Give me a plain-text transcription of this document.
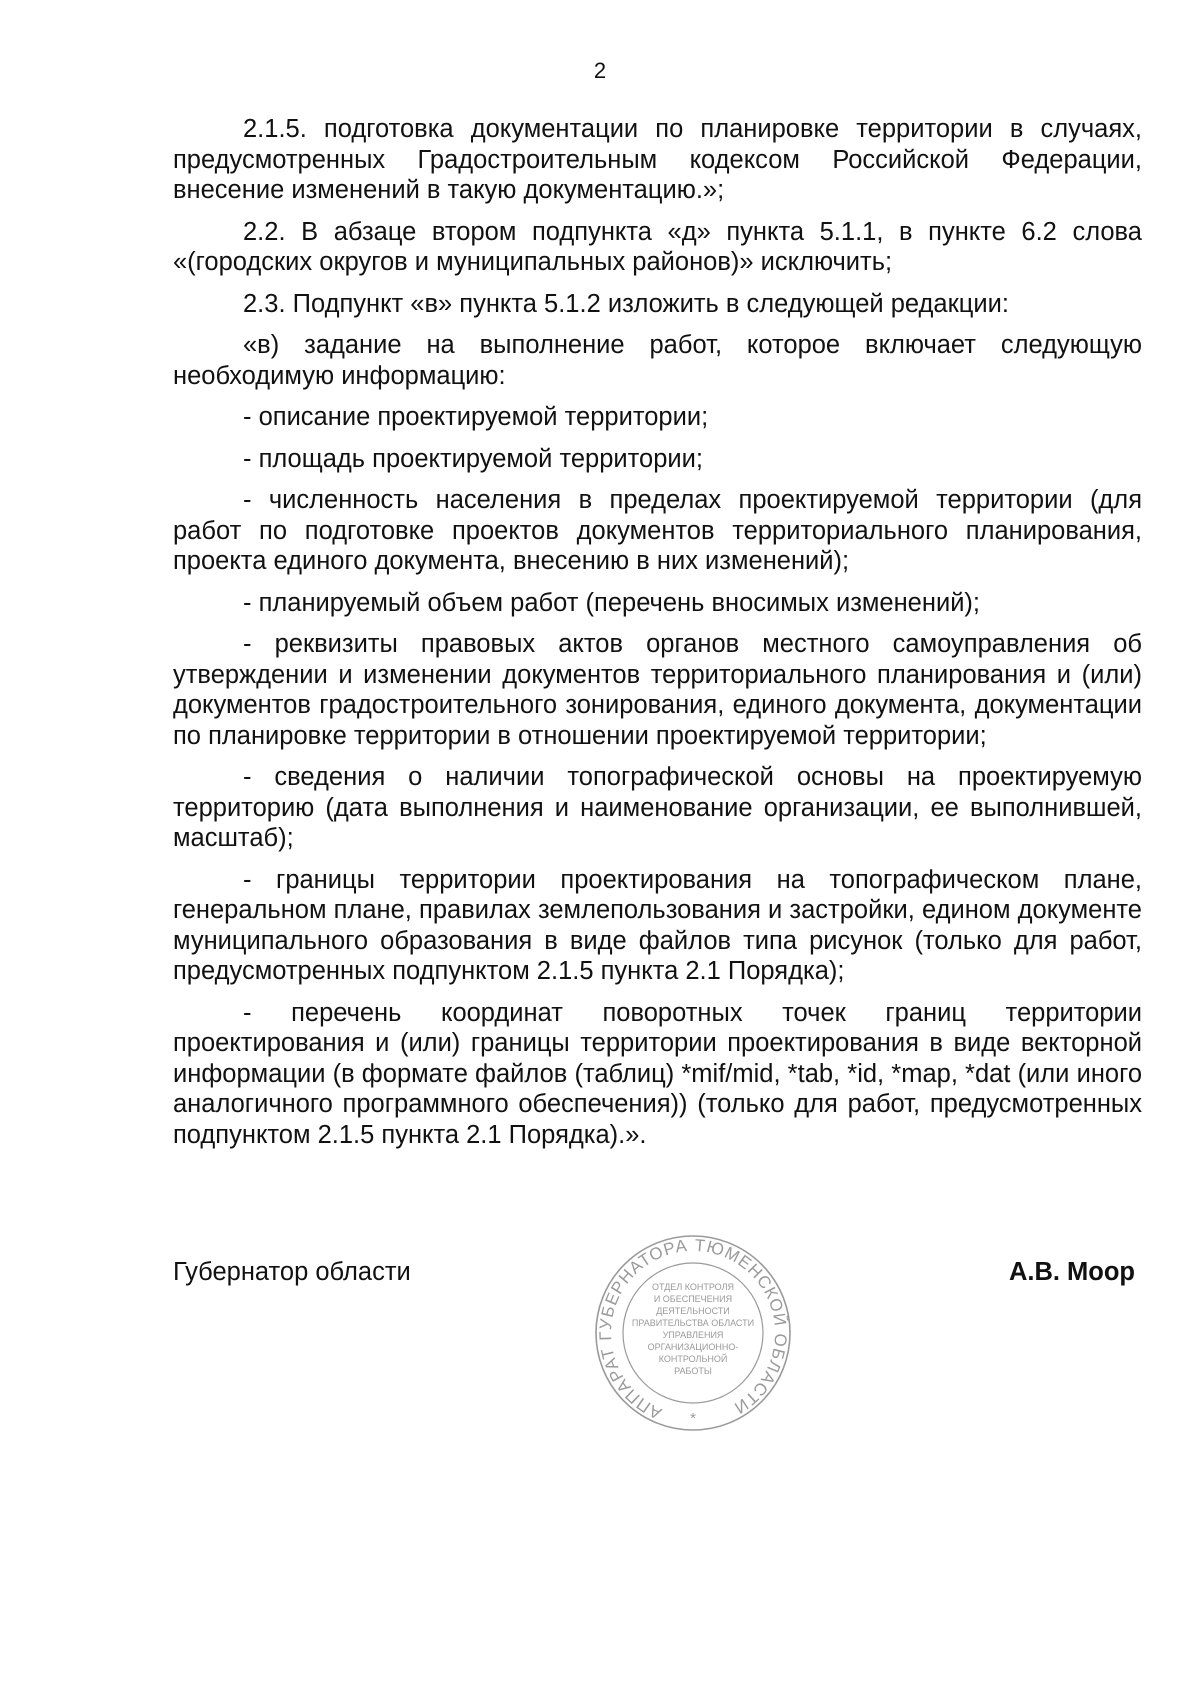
2

2.1.5. подготовка документации по планировке территории в случаях, предусмотренных Градостроительным кодексом Российской Федерации, внесение изменений в такую документацию.»;

2.2. В абзаце втором подпункта «д» пункта 5.1.1, в пункте 6.2 слова «(городских округов и муниципальных районов)» исключить;

2.3. Подпункт «в» пункта 5.1.2 изложить в следующей редакции:

«в) задание на выполнение работ, которое включает следующую необходимую информацию:

- описание проектируемой территории;

- площадь проектируемой территории;

- численность населения в пределах проектируемой территории (для работ по подготовке проектов документов территориального планирования, проекта единого документа, внесению в них изменений);

- планируемый объем работ (перечень вносимых изменений);

- реквизиты правовых актов органов местного самоуправления об утверждении и изменении документов территориального планирования и (или) документов градостроительного зонирования, единого документа, документации по планировке территории в отношении проектируемой территории;

- сведения о наличии топографической основы на проектируемую территорию (дата выполнения и наименование организации, ее выполнившей, масштаб);

- границы территории проектирования на топографическом плане, генеральном плане, правилах землепользования и застройки, едином документе муниципального образования в виде файлов типа рисунок (только для работ, предусмотренных подпунктом 2.1.5 пункта 2.1 Порядка);

- перечень координат поворотных точек границ территории проектирования и (или) границы территории проектирования в виде векторной информации (в формате файлов (таблиц) *mif/mid, *tab, *id, *map, *dat (или иного аналогичного программного обеспечения)) (только для работ, предусмотренных подпунктом 2.1.5 пункта 2.1 Порядка).».

Губернатор области	А.В. Моор
АППАРАТ ГУБЕРНАТОРА ТЮМЕНСКОЙ ОБЛАСТИ
*
ОТДЕЛ КОНТРОЛЯ
И ОБЕСПЕЧЕНИЯ
ДЕЯТЕЛЬНОСТИ
ПРАВИТЕЛЬСТВА ОБЛАСТИ
УПРАВЛЕНИЯ
ОРГАНИЗАЦИОННО-
КОНТРОЛЬНОЙ
РАБОТЫ
